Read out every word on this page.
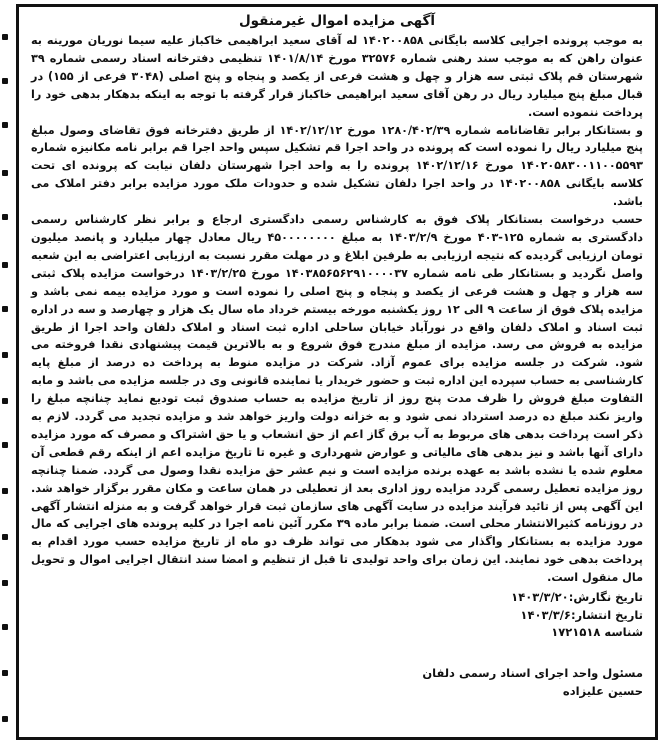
آگهی مزایده اموال غیرمنقول

به موجب پرونده اجرایی کلاسه بایگانی ۱۴۰۲۰۰۸۵۸ له آقای سعید ابراهیمی خاکباز علیه سیما نوریان مورینه به عنوان راهن که به موجب سند رهنی شماره ۳۲۵۷۶ مورخ ۱۴۰۱/۸/۱۴ تنظیمی دفترخانه اسناد رسمی شماره ۳۹ شهرستان قم پلاک ثبتی سه هزار و چهل و هشت فرعی از یکصد و پنجاه و پنج اصلی (۳۰۴۸ فرعی از ۱۵۵) در قبال مبلغ پنج میلیارد ریال در رهن آقای سعید ابراهیمی خاکباز قرار گرفته با توجه به اینکه بدهکار بدهی خود را پرداخت ننموده است.

و بستانکار برابر تقاضانامه شماره ۱۲۸۰/۴۰۲/۳۹ مورخ ۱۴۰۲/۱۲/۱۲ از طریق دفترخانه فوق تقاضای وصول مبلغ پنج میلیارد ریال را نموده است که پرونده در واحد اجرا قم تشکیل سپس واحد اجرا قم برابر نامه مکانیزه شماره ۱۴۰۲۰۵۸۳۰۰۱۱۰۰۵۵۹۳ مورخ ۱۴۰۲/۱۲/۱۶ پرونده را به واحد اجرا شهرستان دلفان نیابت که پرونده ای تحت کلاسه بایگانی ۱۴۰۲۰۰۸۵۸ در واحد اجرا دلفان تشکیل شده و حدودات ملک مورد مزایده برابر دفتر املاک می باشد.

حسب درخواست بستانکار پلاک فوق به کارشناس رسمی دادگستری ارجاع و برابر نظر کارشناس رسمی دادگستری به شماره ۱۲۵-۴۰۳ مورخ ۱۴۰۳/۲/۹ به مبلغ ۴۵۰۰۰۰۰۰۰۰ ریال معادل چهار میلیارد و پانصد میلیون تومان ارزیابی گردیده که نتیجه ارزیابی به طرفین ابلاغ و در مهلت مقرر نسبت به ارزیابی اعتراضی به این شعبه واصل نگردید و بستانکار طی نامه شماره ۱۴۰۳۸۵۶۵۶۲۹۱۰۰۰۰۳۷ مورخ ۱۴۰۳/۲/۲۵ درخواست مزایده پلاک ثبتی سه هزار و چهل و هشت فرعی از یکصد و پنجاه و پنج اصلی را نموده است و مورد مزایده بیمه نمی باشد و مزایده پلاک فوق از ساعت ۹ الی ۱۲ روز یکشنبه مورخه بیستم خرداد ماه سال یک هزار و چهارصد و سه در اداره ثبت اسناد و املاک دلفان واقع در نورآباد خیابان ساحلی اداره ثبت اسناد و املاک دلفان واحد اجرا از طریق مزایده به فروش می رسد. مزایده از مبلغ مندرج فوق شروع و به بالاترین قیمت پیشنهادی نقدا فروخته می شود. شرکت در جلسه مزایده برای عموم آزاد. شرکت در مزایده منوط به پرداخت ده درصد از مبلغ پایه کارشناسی به حساب سپرده این اداره ثبت و حضور خریدار یا نماینده قانونی وی در جلسه مزایده می باشد و مابه التفاوت مبلغ فروش را ظرف مدت پنج روز از تاریخ مزایده به حساب صندوق ثبت تودیع نماید چنانچه مبلغ را واریز نکند مبلغ ده درصد استرداد نمی شود و به خزانه دولت واریز خواهد شد و مزایده تجدید می گردد. لازم به ذکر است پرداخت بدهی های مربوط به آب برق گاز اعم از حق انشعاب و یا حق اشتراک و مصرف که مورد مزایده دارای آنها باشد و نیز بدهی های مالیاتی و عوارض شهرداری و غیره تا تاریخ مزایده اعم از اینکه رقم قطعی آن معلوم شده یا نشده باشد به عهده برنده مزایده است و نیم عشر حق مزایده نقدا وصول می گردد. ضمنا چنانچه روز مزایده تعطیل رسمی گردد مزایده روز اداری بعد از تعطیلی در همان ساعت و مکان مقرر برگزار خواهد شد. این آگهی پس از تائید فرآیند مزایده در سایت آگهی های سازمان ثبت قرار خواهد گرفت و به منزله انتشار آگهی در روزنامه کثیرالانتشار محلی است. ضمنا برابر ماده ۳۹ مکرر آئین نامه اجرا در کلیه پرونده های اجرایی که مال مورد مزایده به بستانکار واگذار می شود بدهکار می تواند ظرف دو ماه از تاریخ مزایده حسب مورد اقدام به پرداخت بدهی خود نمایند. این زمان برای واحد تولیدی تا قبل از تنظیم و امضا سند انتقال اجرایی اموال و تحویل مال منقول است.

تاریخ نگارش:۱۴۰۳/۳/۲۰
تاریخ انتشار:۱۴۰۳/۳/۶
شناسه ۱۷۲۱۵۱۸
مسئول واحد اجرای اسناد رسمی دلفان
حسین علیزاده
